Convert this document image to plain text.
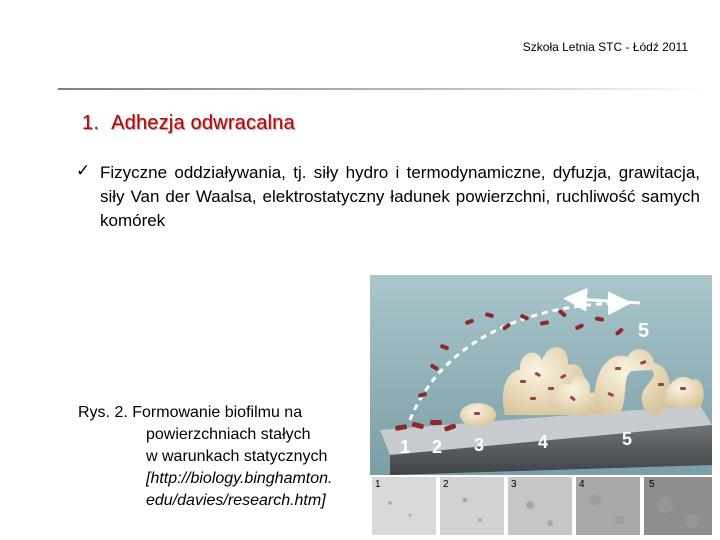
Szkoła Letnia STC - Łódź 2011
1. Adhezja odwracalna
✓ Fizyczne oddziaływania, tj. siły hydro i termodynamiczne, dyfuzja, grawitacja, siły Van der Waalsa, elektrostatyczny ładunek powierzchni, ruchliwość samych komórek
Rys. 2. Formowanie biofilmu na
powierzchniach stałych
w warunkach statycznych
[http://biology.binghamton.
edu/davies/research.htm]
5
1 2 3	4	5
1	2	3	4	5
